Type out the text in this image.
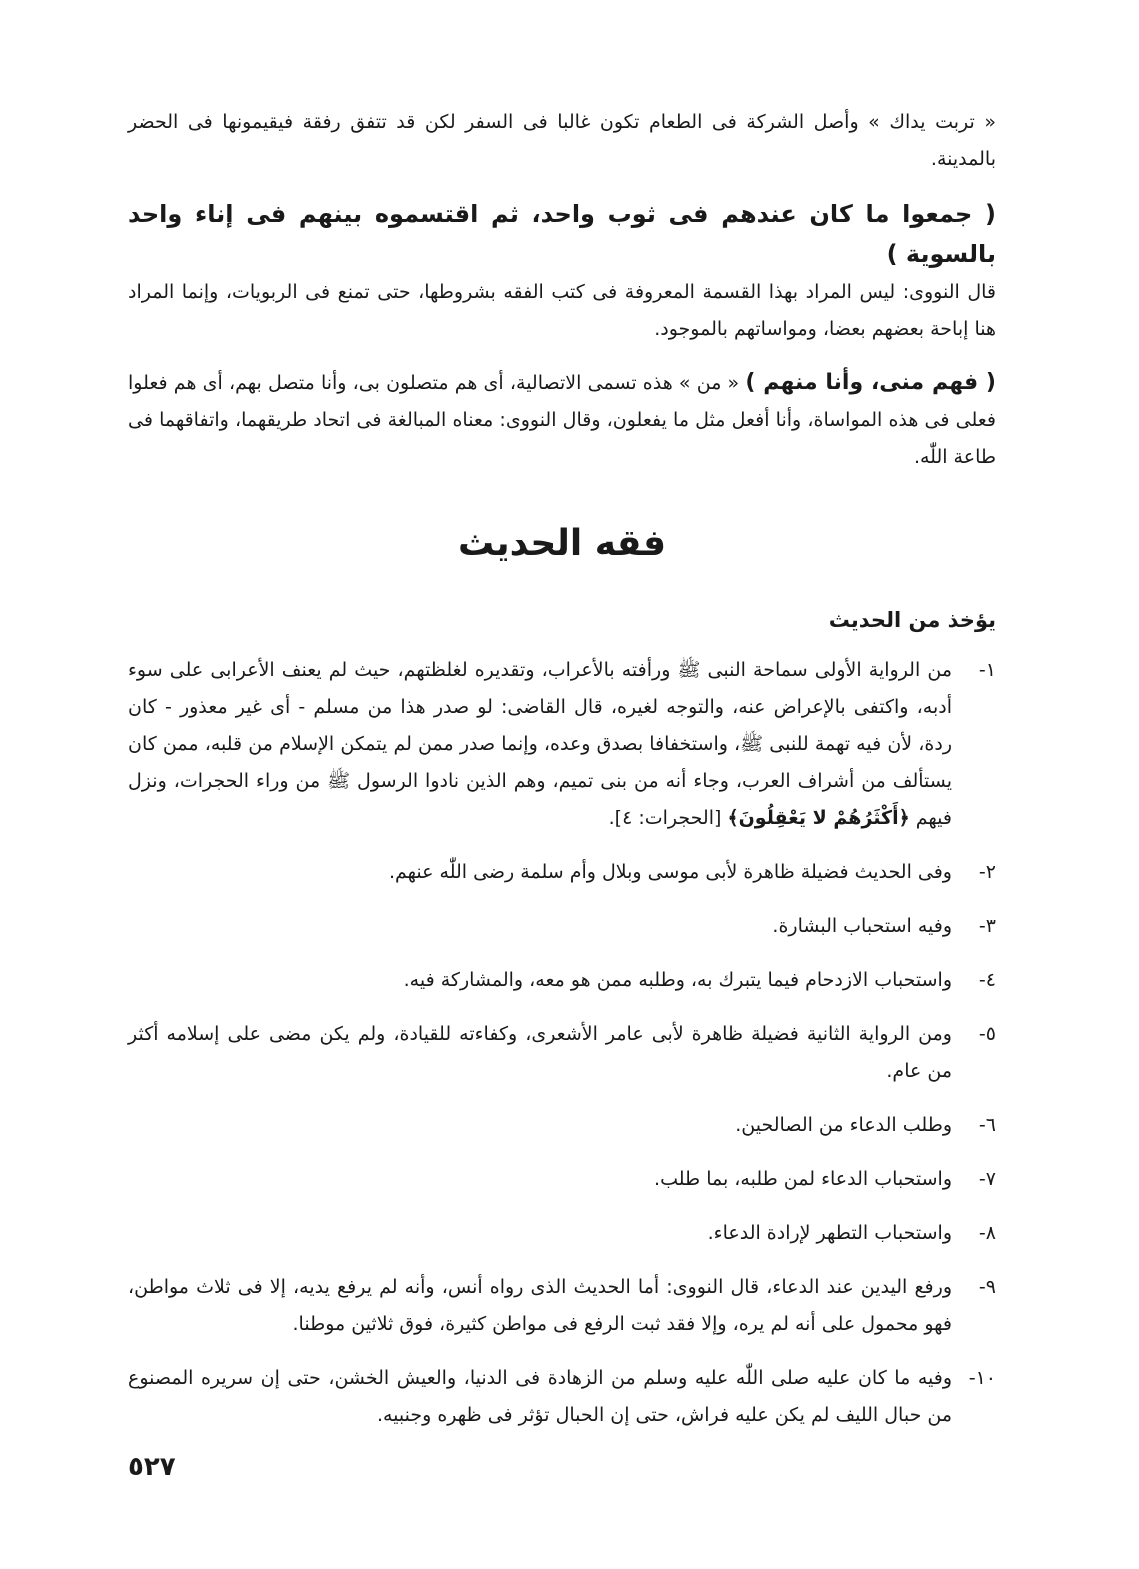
« تربت يداك » وأصل الشركة فى الطعام تكون غالبا فى السفر لكن قد تتفق رفقة فيقيمونها فى الحضر بالمدينة.

( جمعوا ما كان عندهم فى ثوب واحد، ثم اقتسموه بينهم فى إناء واحد بالسوية )

قال النووى: ليس المراد بهذا القسمة المعروفة فى كتب الفقه بشروطها، حتى تمنع فى الربويات، وإنما المراد هنا إباحة بعضهم بعضا، ومواساتهم بالموجود.

( فهم منى، وأنا منهم ) « من » هذه تسمى الاتصالية، أى هم متصلون بى، وأنا متصل بهم، أى هم فعلوا فعلى فى هذه المواساة، وأنا أفعل مثل ما يفعلون، وقال النووى: معناه المبالغة فى اتحاد طريقهما، واتفاقهما فى طاعة اللّٰه.

فقه الحديث

يؤخذ من الحديث

١-
من الرواية الأولى سماحة النبى ﷺ ورأفته بالأعراب، وتقديره لغلظتهم، حيث لم يعنف الأعرابى على سوء أدبه، واكتفى بالإعراض عنه، والتوجه لغيره، قال القاضى: لو صدر هذا من مسلم - أى غير معذور - كان ردة، لأن فيه تهمة للنبى ﷺ، واستخفافا بصدق وعده، وإنما صدر ممن لم يتمكن الإسلام من قلبه، ممن كان يستألف من أشراف العرب، وجاء أنه من بنى تميم، وهم الذين نادوا الرسول ﷺ من وراء الحجرات، ونزل فيهم ﴿أَكْثَرُهُمْ لا يَعْقِلُونَ﴾ [الحجرات: ٤].
٢-
وفى الحديث فضيلة ظاهرة لأبى موسى وبلال وأم سلمة رضى اللّٰه عنهم.
٣-
وفيه استحباب البشارة.
٤-
واستحباب الازدحام فيما يتبرك به، وطلبه ممن هو معه، والمشاركة فيه.
٥-
ومن الرواية الثانية فضيلة ظاهرة لأبى عامر الأشعرى، وكفاءته للقيادة، ولم يكن مضى على إسلامه أكثر من عام.
٦-
وطلب الدعاء من الصالحين.
٧-
واستحباب الدعاء لمن طلبه، بما طلب.
٨-
واستحباب التطهر لإرادة الدعاء.
٩-
ورفع اليدين عند الدعاء، قال النووى: أما الحديث الذى رواه أنس، وأنه لم يرفع يديه، إلا فى ثلاث مواطن، فهو محمول على أنه لم يره، وإلا فقد ثبت الرفع فى مواطن كثيرة، فوق ثلاثين موطنا.
١٠-
وفيه ما كان عليه صلى اللّٰه عليه وسلم من الزهادة فى الدنيا، والعيش الخشن، حتى إن سريره المصنوع من حبال الليف لم يكن عليه فراش، حتى إن الحبال تؤثر فى ظهره وجنبيه.
٥٢٧
